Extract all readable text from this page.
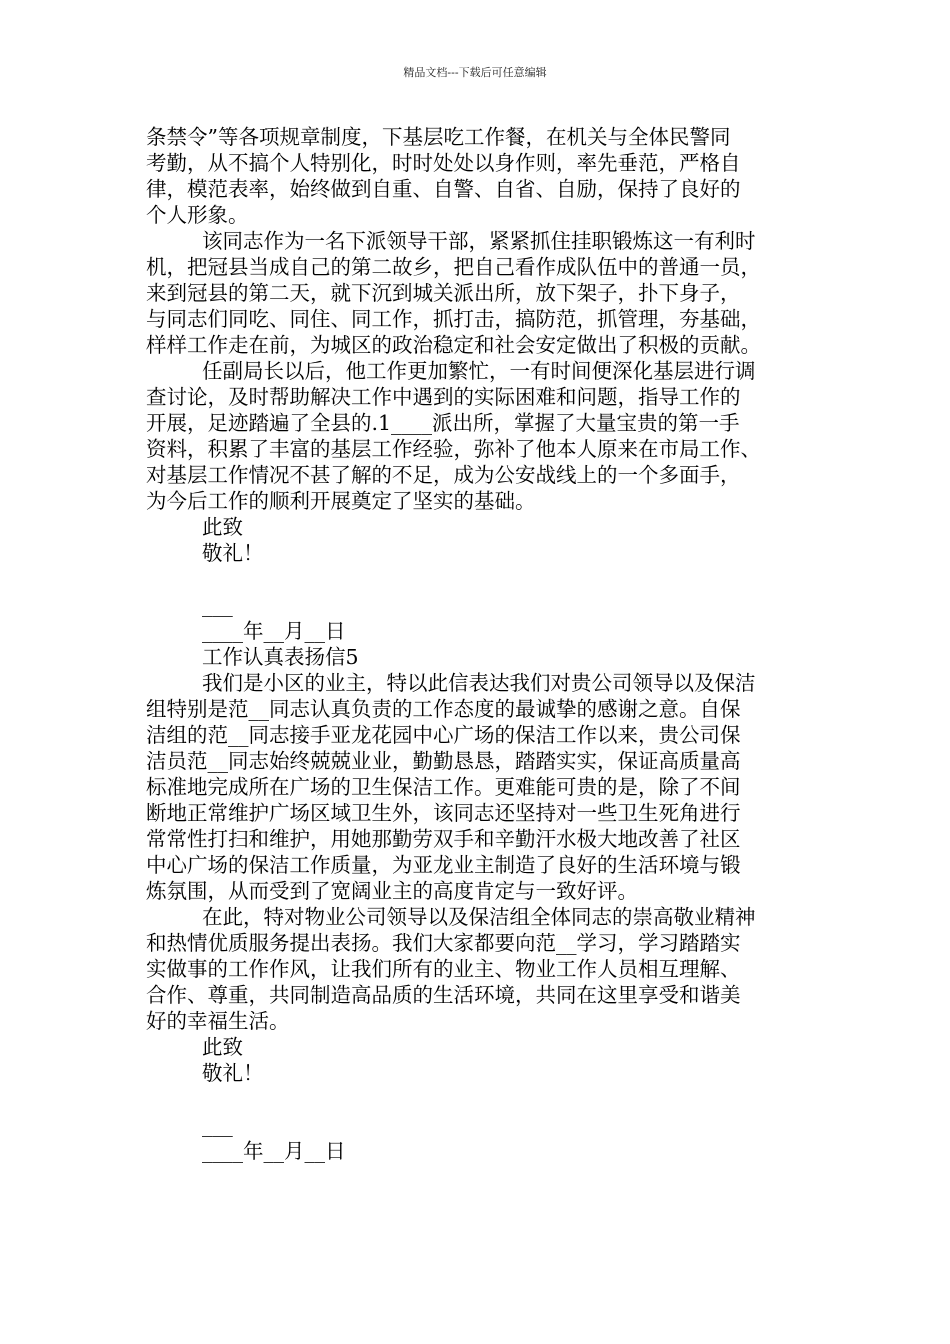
精品文档---下载后可任意编辑
条禁令”等各项规章制度，下基层吃工作餐，在机关与全体民警同
考勤，从不搞个人特别化，时时处处以身作则，率先垂范，严格自
律，模范表率，始终做到自重、自警、自省、自励，保持了良好的
个人形象。
该同志作为一名下派领导干部，紧紧抓住挂职锻炼这一有利时
机，把冠县当成自己的第二故乡，把自己看作成队伍中的普通一员，
来到冠县的第二天，就下沉到城关派出所，放下架子，扑下身子，
与同志们同吃、同住、同工作，抓打击，搞防范，抓管理，夯基础，
样样工作走在前，为城区的政治稳定和社会安定做出了积极的贡献。
任副局长以后，他工作更加繁忙，一有时间便深化基层进行调
查讨论，及时帮助解决工作中遇到的实际困难和问题，指导工作的
开展，足迹踏遍了全县的.1____派出所，掌握了大量宝贵的第一手
资料，积累了丰富的基层工作经验，弥补了他本人原来在市局工作、
对基层工作情况不甚了解的不足，成为公安战线上的一个多面手，
为今后工作的顺利开展奠定了坚实的基础。
此致
敬礼！
___
____年__月__日
工作认真表扬信5
我们是小区的业主，特以此信表达我们对贵公司领导以及保洁
组特别是范__同志认真负责的工作态度的最诚挚的感谢之意。自保
洁组的范__同志接手亚龙花园中心广场的保洁工作以来，贵公司保
洁员范__同志始终兢兢业业，勤勤恳恳，踏踏实实，保证高质量高
标准地完成所在广场的卫生保洁工作。更难能可贵的是，除了不间
断地正常维护广场区域卫生外，该同志还坚持对一些卫生死角进行
常常性打扫和维护，用她那勤劳双手和辛勤汗水极大地改善了社区
中心广场的保洁工作质量，为亚龙业主制造了良好的生活环境与锻
炼氛围，从而受到了宽阔业主的高度肯定与一致好评。
在此，特对物业公司领导以及保洁组全体同志的崇高敬业精神
和热情优质服务提出表扬。我们大家都要向范__学习，学习踏踏实
实做事的工作作风，让我们所有的业主、物业工作人员相互理解、
合作、尊重，共同制造高品质的生活环境，共同在这里享受和谐美
好的幸福生活。
此致
敬礼！
___
____年__月__日
